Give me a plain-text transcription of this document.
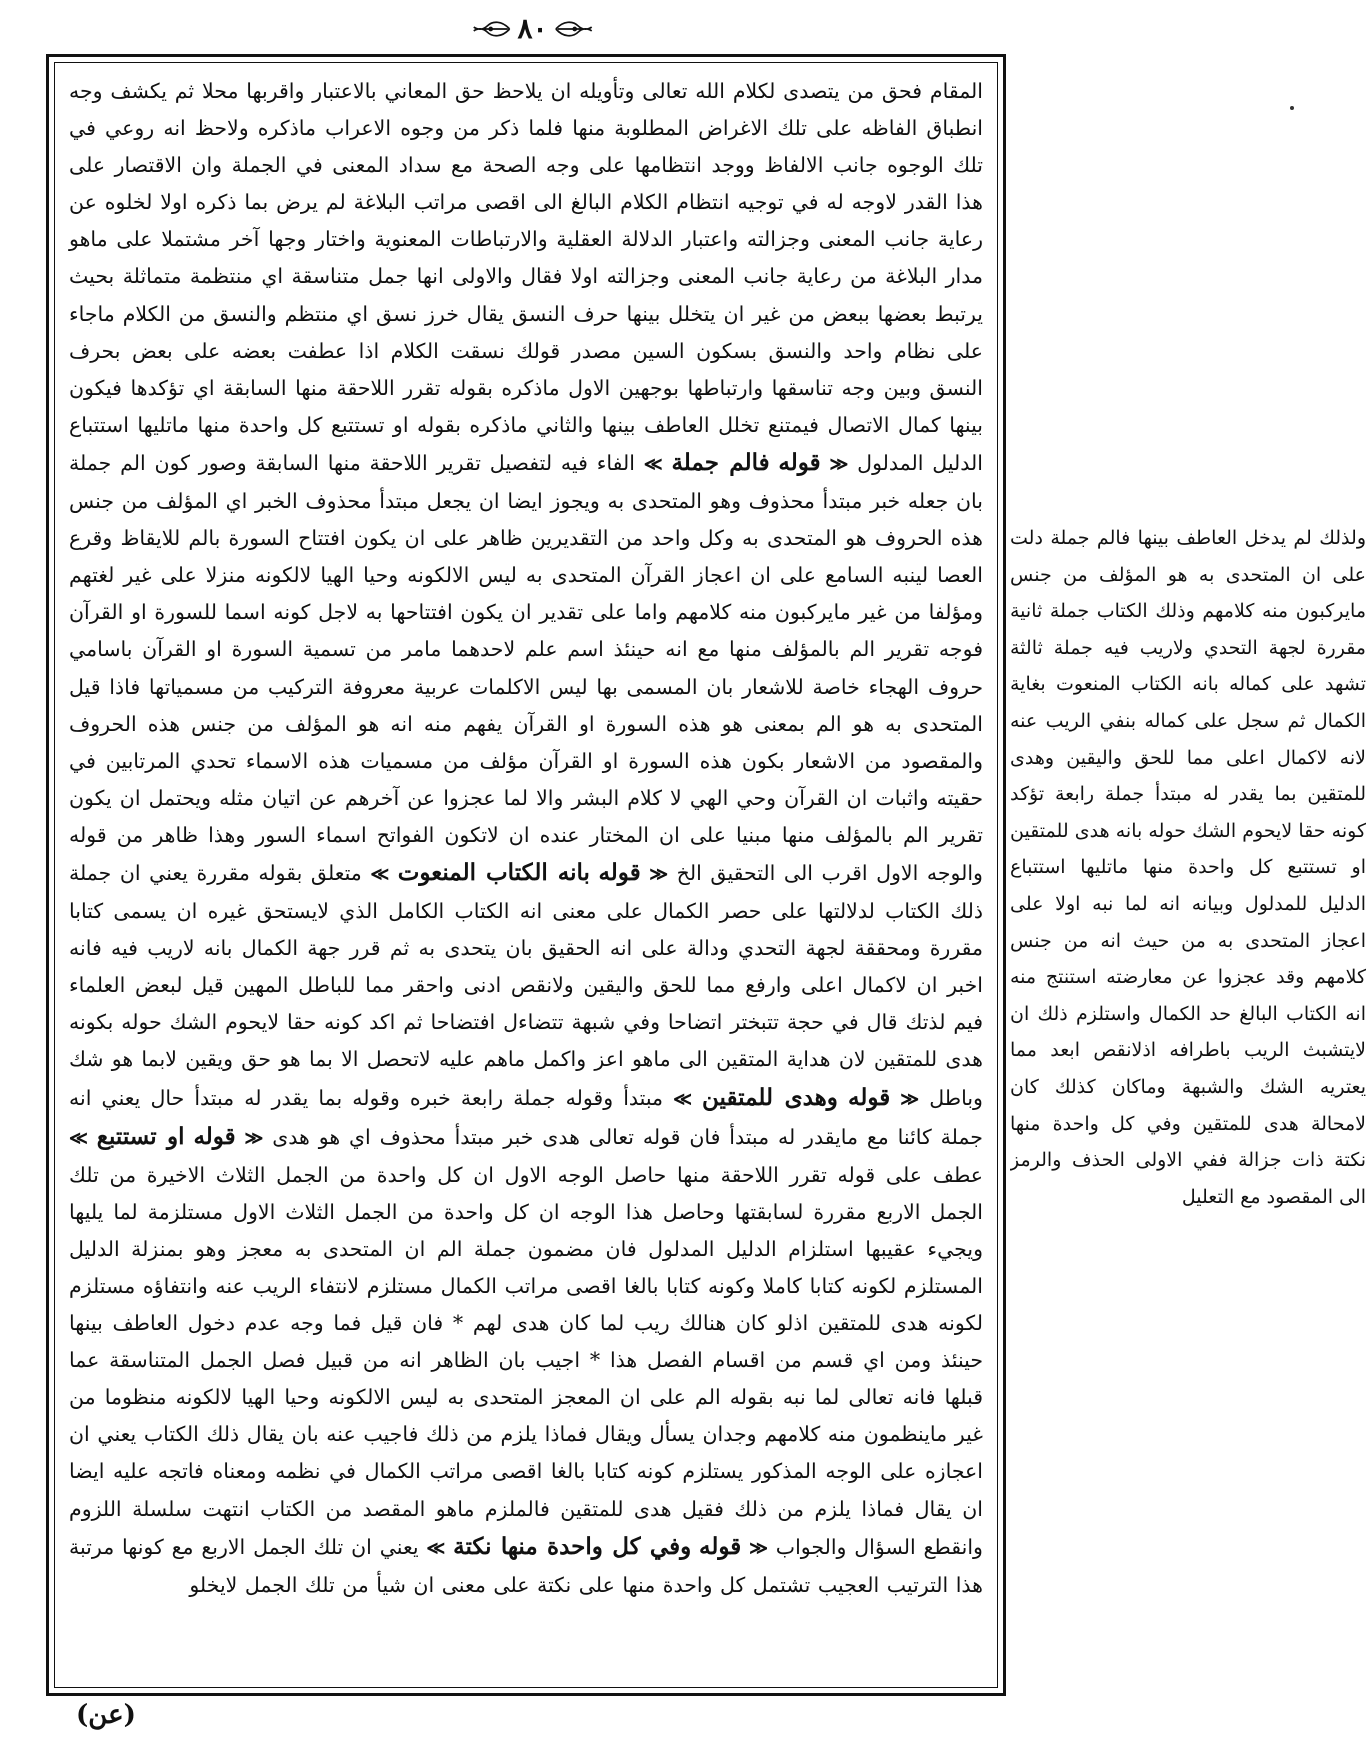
٨٠

المقام فحق من يتصدى لكلام الله تعالى وتأويله ان يلاحظ حق المعاني بالاعتبار واقربها محلا ثم يكشف وجه انطباق الفاظه على تلك الاغراض المطلوبة منها فلما ذكر من وجوه الاعراب ماذكره ولاحظ انه روعي في تلك الوجوه جانب الالفاظ ووجد انتظامها على وجه الصحة مع سداد المعنى في الجملة وان الاقتصار على هذا القدر لاوجه له في توجيه انتظام الكلام البالغ الى اقصى مراتب البلاغة لم يرض بما ذكره اولا لخلوه عن رعاية جانب المعنى وجزالته واعتبار الدلالة العقلية والارتباطات المعنوية واختار وجها آخر مشتملا على ماهو مدار البلاغة من رعاية جانب المعنى وجزالته اولا فقال والاولى انها جمل متناسقة اي منتظمة متماثلة بحيث يرتبط بعضها ببعض من غير ان يتخلل بينها حرف النسق يقال خرز نسق اي منتظم والنسق من الكلام ماجاء على نظام واحد والنسق بسكون السين مصدر قولك نسقت الكلام اذا عطفت بعضه على بعض بحرف النسق وبين وجه تناسقها وارتباطها بوجهين الاول ماذكره بقوله تقرر اللاحقة منها السابقة اي تؤكدها فيكون بينها كمال الاتصال فيمتنع تخلل العاطف بينها والثاني ماذكره بقوله او تستتبع كل واحدة منها ماتليها استتباع الدليل المدلول ≪ قوله فالم جملة ≫ الفاء فيه لتفصيل تقرير اللاحقة منها السابقة وصور كون الم جملة بان جعله خبر مبتدأ محذوف وهو المتحدى به ويجوز ايضا ان يجعل مبتدأ محذوف الخبر اي المؤلف من جنس هذه الحروف هو المتحدى به وكل واحد من التقديرين ظاهر على ان يكون افتتاح السورة بالم للايقاظ وقرع العصا لينبه السامع على ان اعجاز القرآن المتحدى به ليس الالكونه وحيا الهيا لالكونه منزلا على غير لغتهم ومؤلفا من غير مايركبون منه كلامهم واما على تقدير ان يكون افتتاحها به لاجل كونه اسما للسورة او القرآن فوجه تقرير الم بالمؤلف منها مع انه حينئذ اسم علم لاحدهما مامر من تسمية السورة او القرآن باسامي حروف الهجاء خاصة للاشعار بان المسمى بها ليس الاكلمات عربية معروفة التركيب من مسمياتها فاذا قيل المتحدى به هو الم بمعنى هو هذه السورة او القرآن يفهم منه انه هو المؤلف من جنس هذه الحروف والمقصود من الاشعار بكون هذه السورة او القرآن مؤلف من مسميات هذه الاسماء تحدي المرتابين في حقيته واثبات ان القرآن وحي الهي لا كلام البشر والا لما عجزوا عن آخرهم عن اتيان مثله ويحتمل ان يكون تقرير الم بالمؤلف منها مبنيا على ان المختار عنده ان لاتكون الفواتح اسماء السور وهذا ظاهر من قوله والوجه الاول اقرب الى التحقيق الخ ≪ قوله بانه الكتاب المنعوت ≫ متعلق بقوله مقررة يعني ان جملة ذلك الكتاب لدلالتها على حصر الكمال على معنى انه الكتاب الكامل الذي لايستحق غيره ان يسمى كتابا مقررة ومحققة لجهة التحدي ودالة على انه الحقيق بان يتحدى به ثم قرر جهة الكمال بانه لاريب فيه فانه اخبر ان لاكمال اعلى وارفع مما للحق واليقين ولانقص ادنى واحقر مما للباطل المهين قيل لبعض العلماء فيم لذتك قال في حجة تتبختر اتضاحا وفي شبهة تتضاءل افتضاحا ثم اكد كونه حقا لايحوم الشك حوله بكونه هدى للمتقين لان هداية المتقين الى ماهو اعز واكمل ماهم عليه لاتحصل الا بما هو حق ويقين لابما هو شك وباطل ≪ قوله وهدى للمتقين ≫ مبتدأ وقوله جملة رابعة خبره وقوله بما يقدر له مبتدأ حال يعني انه جملة كائنا مع مايقدر له مبتدأ فان قوله تعالى هدى خبر مبتدأ محذوف اي هو هدى ≪ قوله او تستتبع ≫ عطف على قوله تقرر اللاحقة منها حاصل الوجه الاول ان كل واحدة من الجمل الثلاث الاخيرة من تلك الجمل الاربع مقررة لسابقتها وحاصل هذا الوجه ان كل واحدة من الجمل الثلاث الاول مستلزمة لما يليها ويجيء عقيبها استلزام الدليل المدلول فان مضمون جملة الم ان المتحدى به معجز وهو بمنزلة الدليل المستلزم لكونه كتابا كاملا وكونه كتابا بالغا اقصى مراتب الكمال مستلزم لانتفاء الريب عنه وانتفاؤه مستلزم لكونه هدى للمتقين اذلو كان هنالك ريب لما كان هدى لهم * فان قيل فما وجه عدم دخول العاطف بينها حينئذ ومن اي قسم من اقسام الفصل هذا * اجيب بان الظاهر انه من قبيل فصل الجمل المتناسقة عما قبلها فانه تعالى لما نبه بقوله الم على ان المعجز المتحدى به ليس الالكونه وحيا الهيا لالكونه منظوما من غير ماينظمون منه كلامهم وجدان يسأل ويقال فماذا يلزم من ذلك فاجيب عنه بان يقال ذلك الكتاب يعني ان اعجازه على الوجه المذكور يستلزم كونه كتابا بالغا اقصى مراتب الكمال في نظمه ومعناه فاتجه عليه ايضا ان يقال فماذا يلزم من ذلك فقيل هدى للمتقين فالملزم ماهو المقصد من الكتاب انتهت سلسلة اللزوم وانقطع السؤال والجواب ≪ قوله وفي كل واحدة منها نكتة ≫ يعني ان تلك الجمل الاربع مع كونها مرتبة هذا الترتيب العجيب تشتمل كل واحدة منها على نكتة على معنى ان شيأ من تلك الجمل لايخلو

ولذلك لم يدخل العاطف بينها فالم جملة دلت على ان المتحدى به هو المؤلف من جنس مايركبون منه كلامهم وذلك الكتاب جملة ثانية مقررة لجهة التحدي ولاريب فيه جملة ثالثة تشهد على كماله بانه الكتاب المنعوت بغاية الكمال ثم سجل على كماله بنفي الريب عنه لانه لاكمال اعلى مما للحق واليقين وهدى للمتقين بما يقدر له مبتدأ جملة رابعة تؤكد كونه حقا لايحوم الشك حوله بانه هدى للمتقين او تستتبع كل واحدة منها ماتليها استتباع الدليل للمدلول وبيانه انه لما نبه اولا على اعجاز المتحدى به من حيث انه من جنس كلامهم وقد عجزوا عن معارضته استنتج منه انه الكتاب البالغ حد الكمال واستلزم ذلك ان لايتشبث الريب باطرافه اذلانقص ابعد مما يعتريه الشك والشبهة وماكان كذلك كان لامحالة هدى للمتقين وفي كل واحدة منها نكتة ذات جزالة ففي الاولى الحذف والرمز الى المقصود مع التعليل

(عن)
